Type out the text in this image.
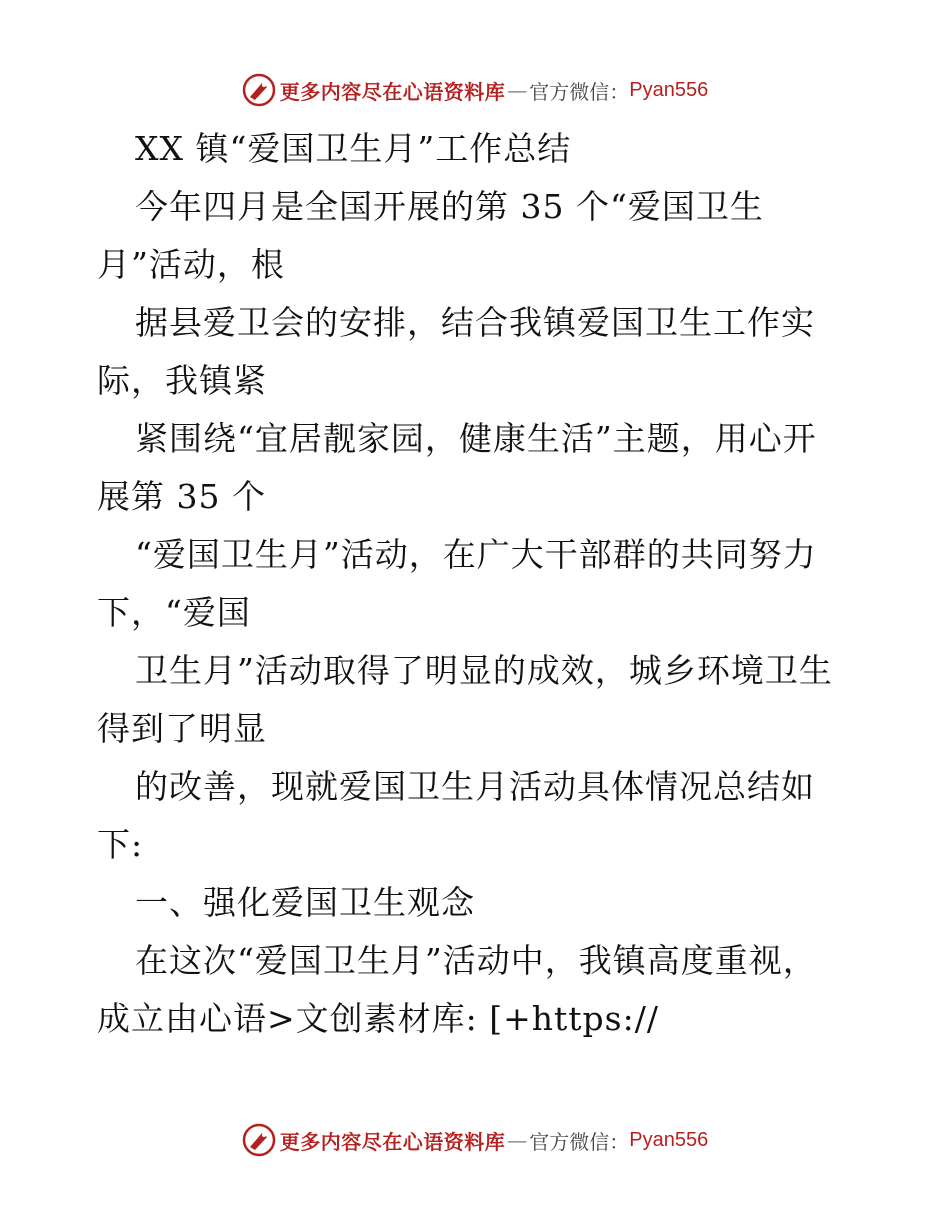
更多内容尽在心语资料库 — 官方微信： Pyan556
XX 镇“爱国卫生月”工作总结
今年四月是全国开展的第 35 个“爱国卫生
月”活动，根
据县爱卫会的安排，结合我镇爱国卫生工作实
际，我镇紧
紧围绕“宜居靓家园，健康生活”主题，用心开
展第 35 个
“爱国卫生月”活动，在广大干部群的共同努力
下，“爱国
卫生月”活动取得了明显的成效，城乡环境卫生
得到了明显
的改善，现就爱国卫生月活动具体情况总结如
下:
一、强化爱国卫生观念
在这次“爱国卫生月”活动中，我镇高度重视，
成立由心语>文创素材库: [+https://
更多内容尽在心语资料库 — 官方微信： Pyan556
